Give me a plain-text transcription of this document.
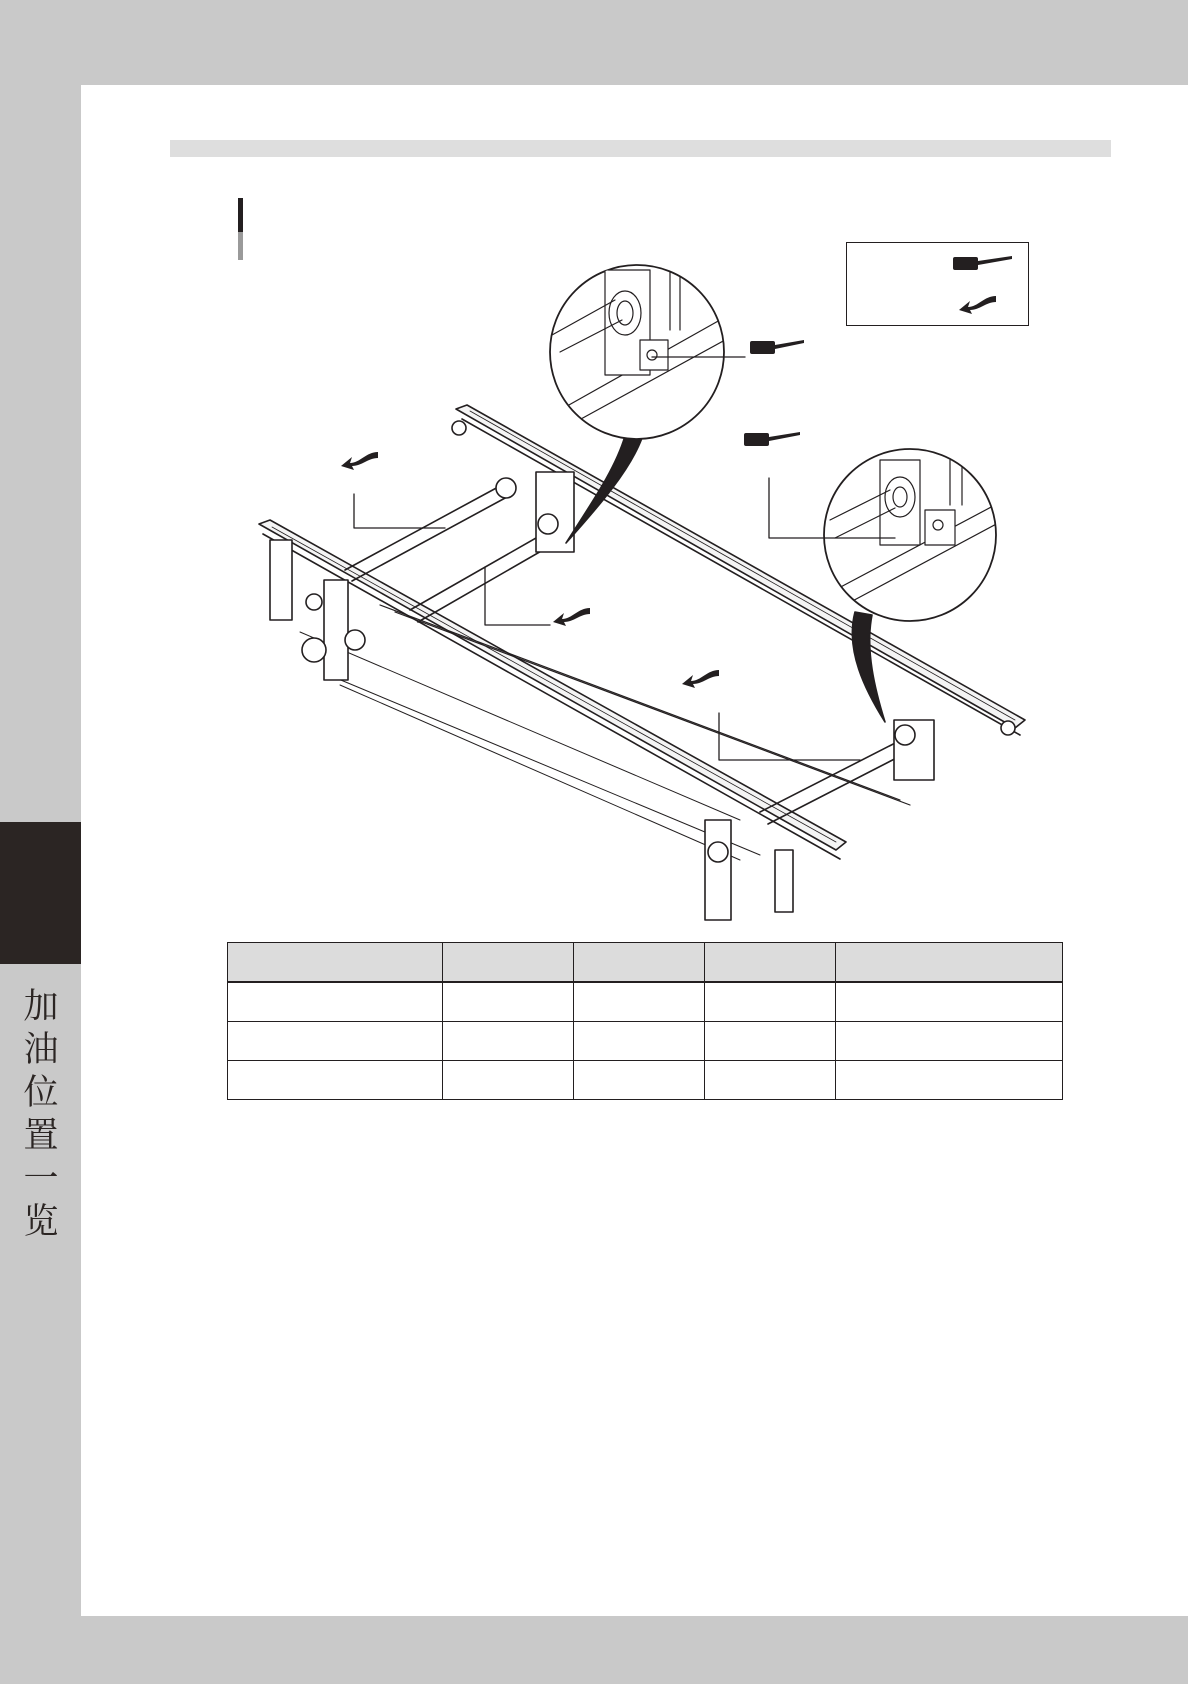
加油位置一览
